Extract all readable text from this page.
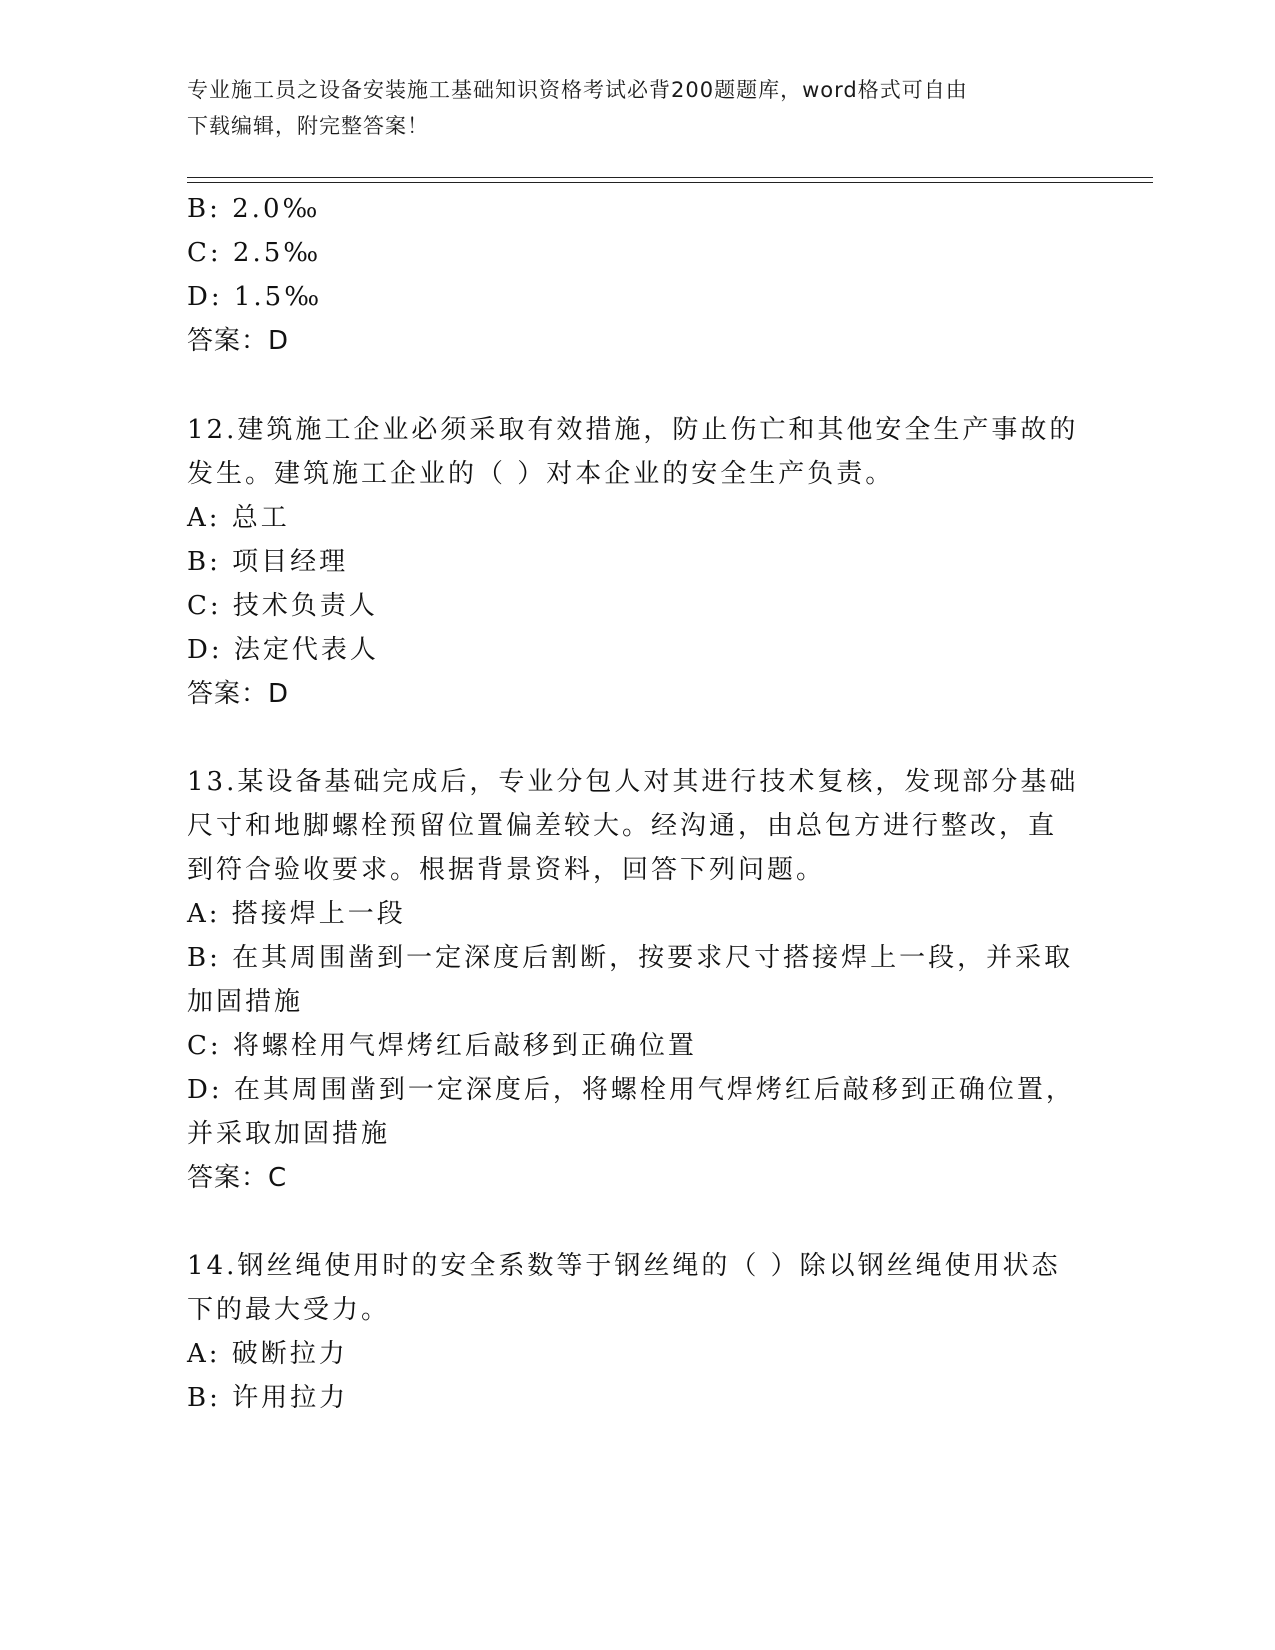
专业施工员之设备安装施工基础知识资格考试必背200题题库，word格式可自由
下载编辑，附完整答案！
B: 2.0‰
C: 2.5‰
D: 1.5‰
答案：D
12.建筑施工企业必须采取有效措施，防止伤亡和其他安全生产事故的
发生。建筑施工企业的（ ）对本企业的安全生产负责。
A: 总工
B: 项目经理
C: 技术负责人
D: 法定代表人
答案：D
13.某设备基础完成后，专业分包人对其进行技术复核，发现部分基础
尺寸和地脚螺栓预留位置偏差较大。经沟通，由总包方进行整改，直
到符合验收要求。根据背景资料，回答下列问题。
A: 搭接焊上一段
B: 在其周围凿到一定深度后割断，按要求尺寸搭接焊上一段，并采取
加固措施
C: 将螺栓用气焊烤红后敲移到正确位置
D: 在其周围凿到一定深度后，将螺栓用气焊烤红后敲移到正确位置，
并采取加固措施
答案：C
14.钢丝绳使用时的安全系数等于钢丝绳的（ ）除以钢丝绳使用状态
下的最大受力。
A: 破断拉力
B: 许用拉力
